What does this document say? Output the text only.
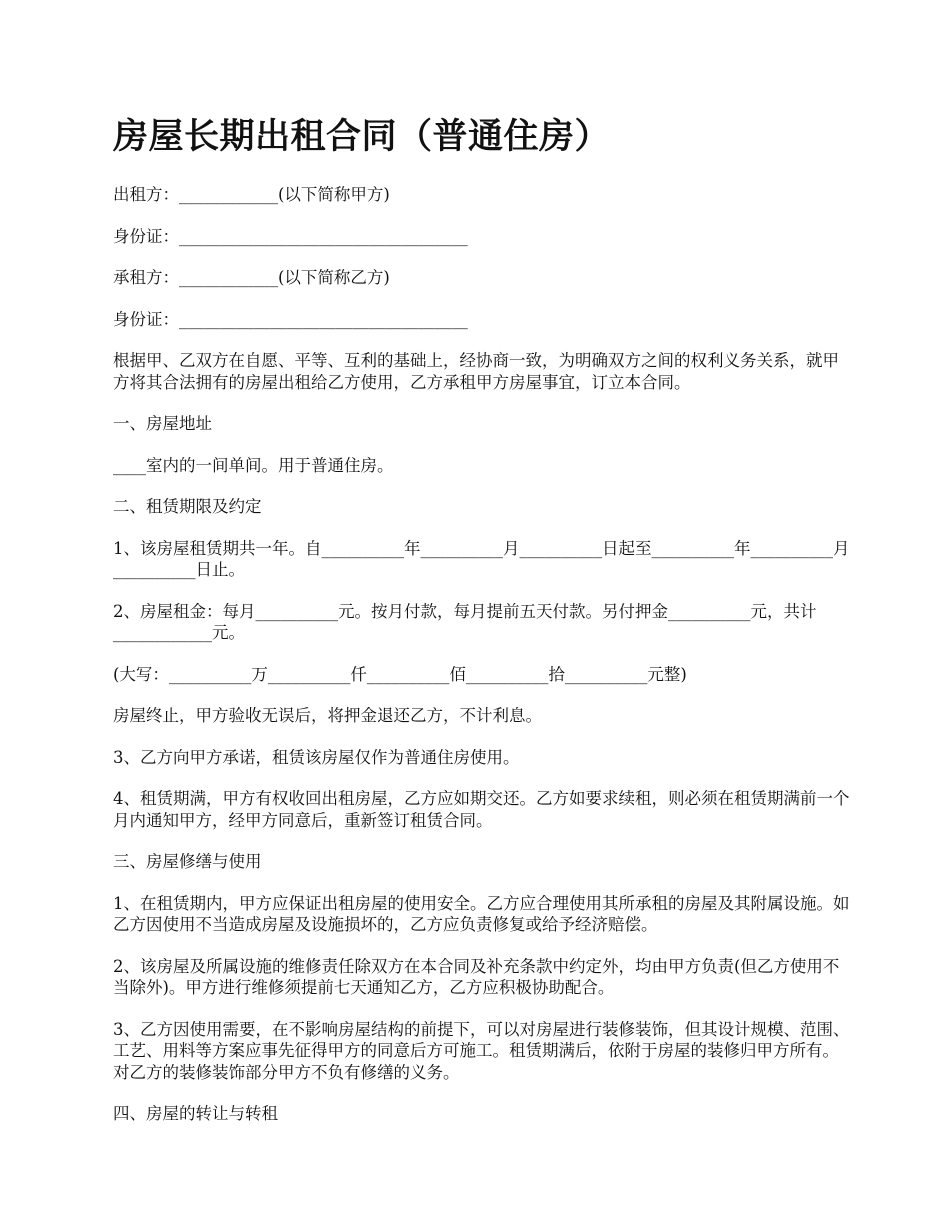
房屋长期出租合同（普通住房）

出租方：____________(以下简称甲方)

身份证：___________________________________

承租方：____________(以下简称乙方)

身份证：___________________________________

根据甲、乙双方在自愿、平等、互利的基础上，经协商一致，为明确双方之间的权利义务关系，就甲方将其合法拥有的房屋出租给乙方使用，乙方承租甲方房屋事宜，订立本合同。

一、房屋地址

____室内的一间单间。用于普通住房。

二、租赁期限及约定

1、该房屋租赁期共一年。自__________年__________月__________日起至__________年__________月__________日止。

2、房屋租金：每月__________元。按月付款，每月提前五天付款。另付押金__________元，共计____________元。

(大写：__________万__________仟__________佰__________拾__________元整)

房屋终止，甲方验收无误后，将押金退还乙方，不计利息。

3、乙方向甲方承诺，租赁该房屋仅作为普通住房使用。

4、租赁期满，甲方有权收回出租房屋，乙方应如期交还。乙方如要求续租，则必须在租赁期满前一个月内通知甲方，经甲方同意后，重新签订租赁合同。

三、房屋修缮与使用

1、在租赁期内，甲方应保证出租房屋的使用安全。乙方应合理使用其所承租的房屋及其附属设施。如乙方因使用不当造成房屋及设施损坏的，乙方应负责修复或给予经济赔偿。

2、该房屋及所属设施的维修责任除双方在本合同及补充条款中约定外，均由甲方负责(但乙方使用不当除外)。甲方进行维修须提前七天通知乙方，乙方应积极协助配合。

3、乙方因使用需要，在不影响房屋结构的前提下，可以对房屋进行装修装饰，但其设计规模、范围、工艺、用料等方案应事先征得甲方的同意后方可施工。租赁期满后，依附于房屋的装修归甲方所有。对乙方的装修装饰部分甲方不负有修缮的义务。

四、房屋的转让与转租
